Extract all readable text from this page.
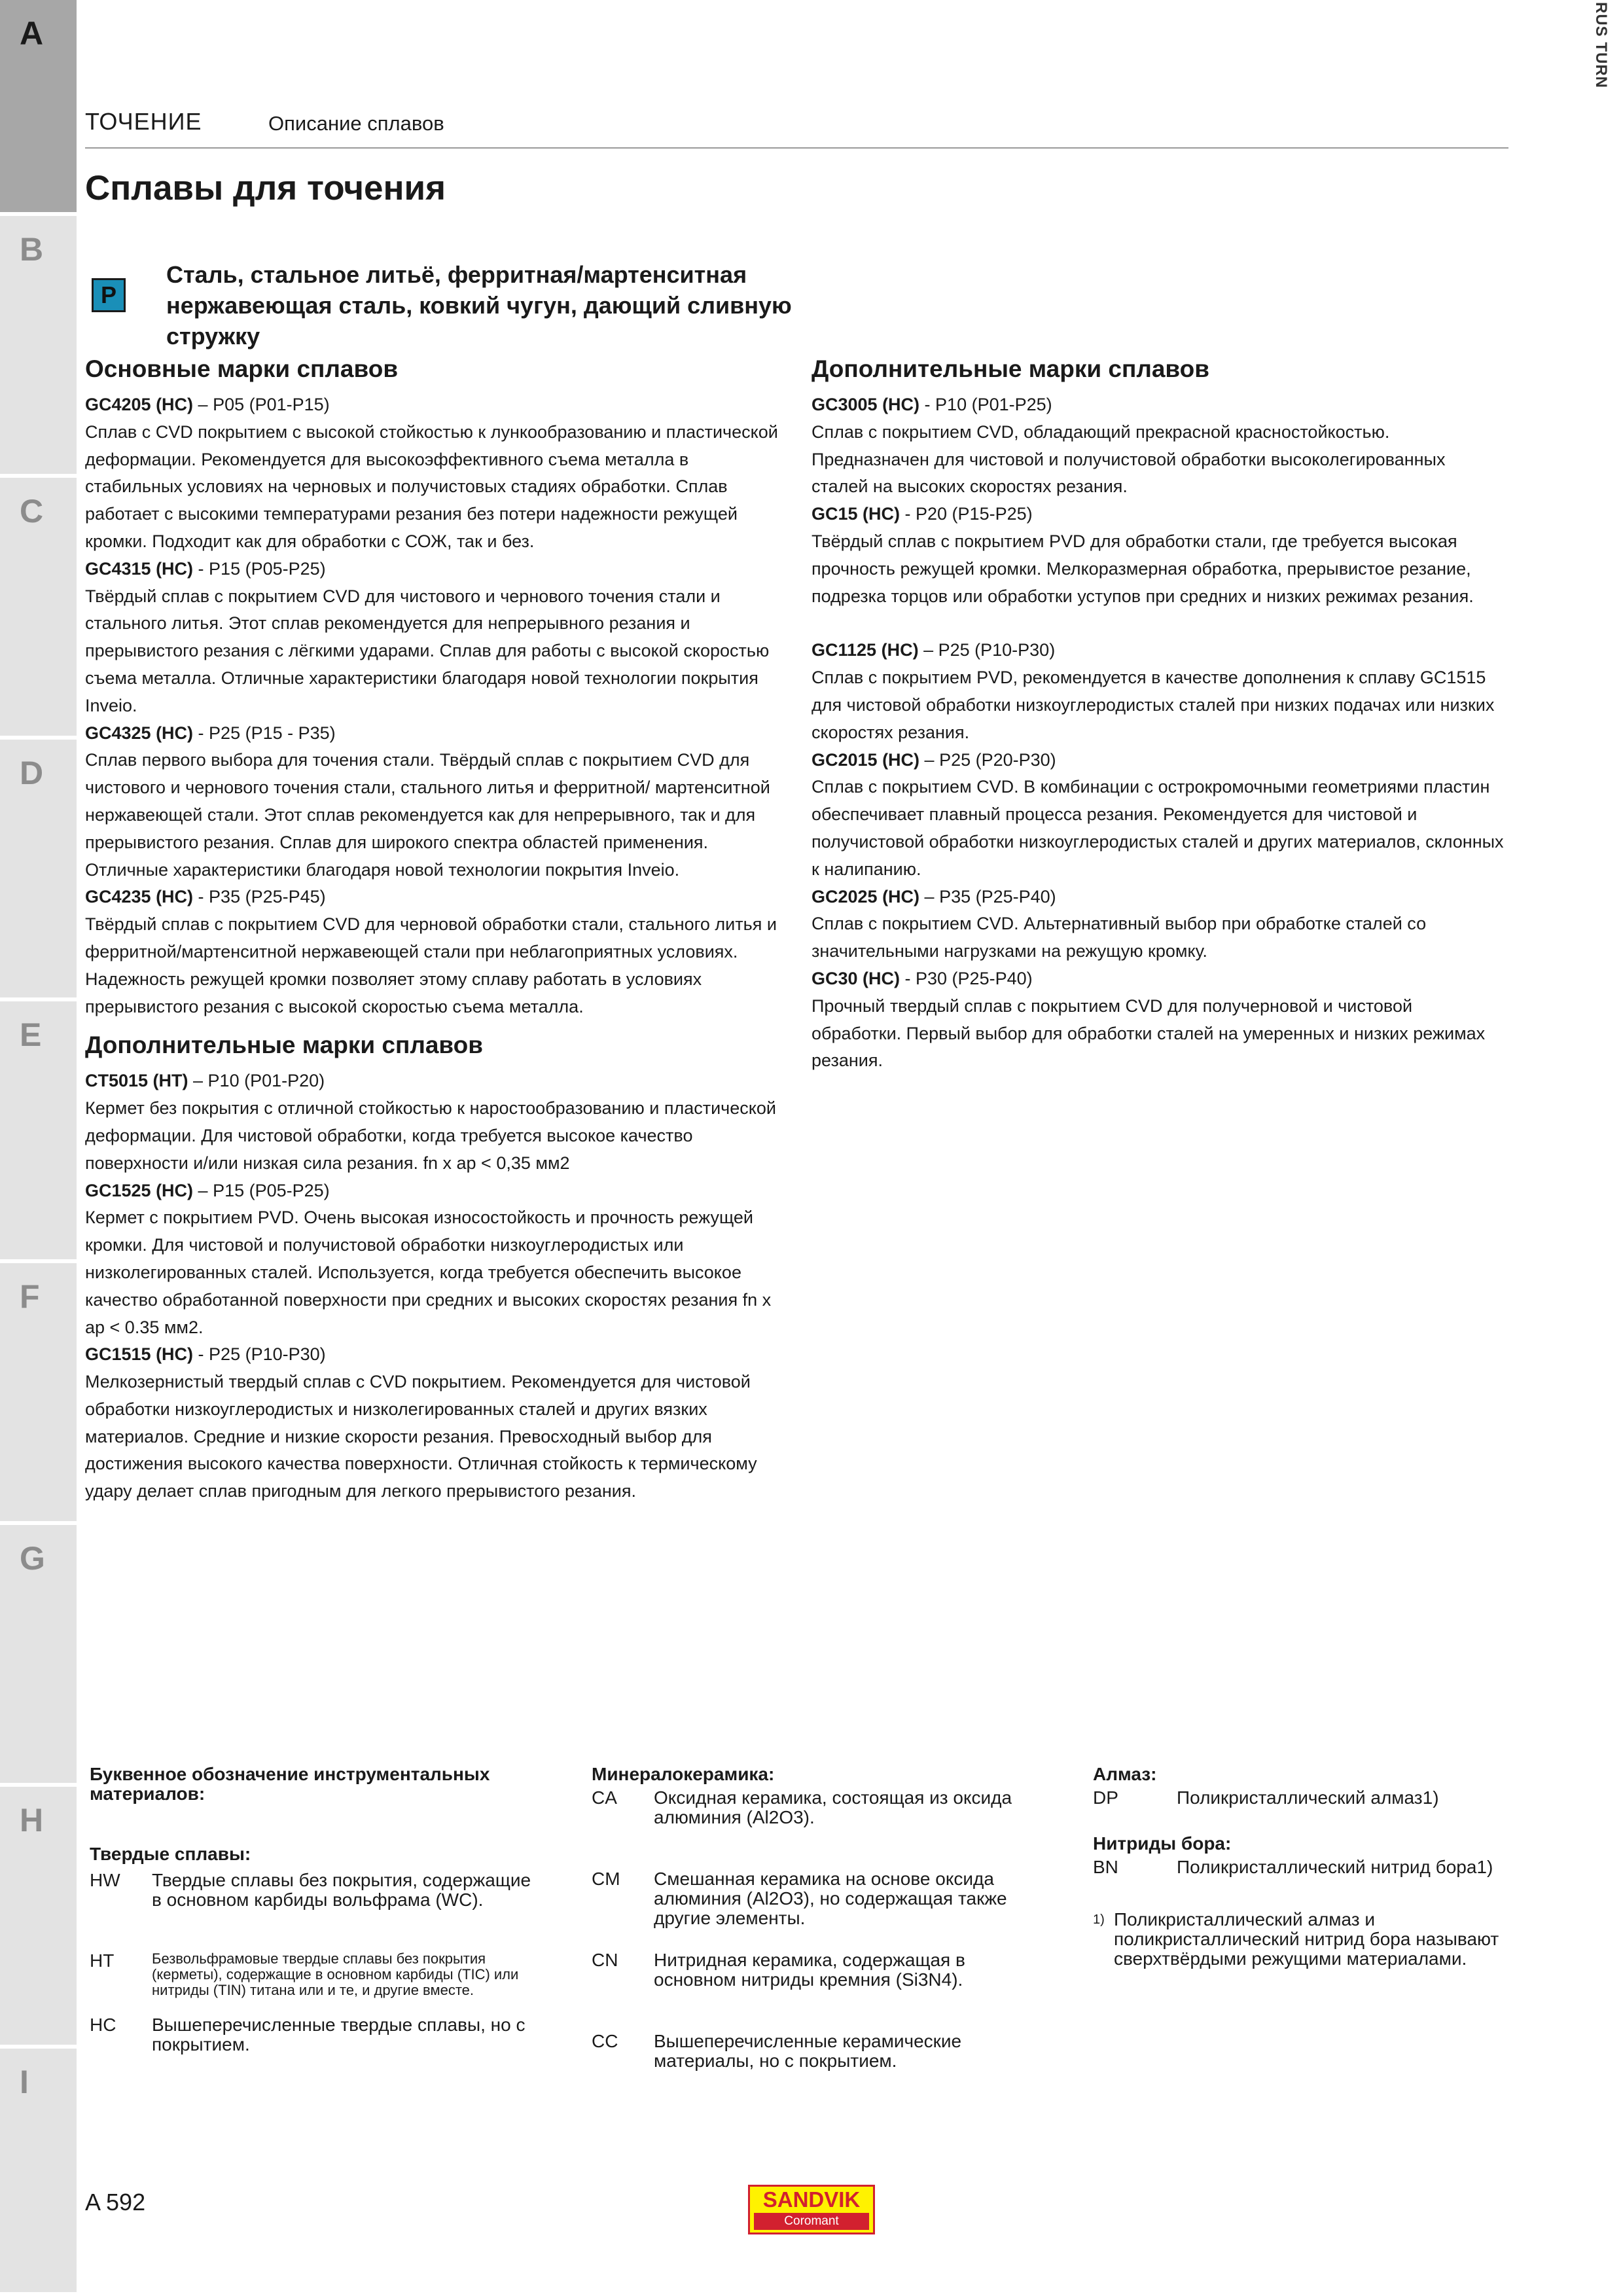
A
B
C
D
E
F
G
H
I
RUS TURN
ТОЧЕНИЕ	Описание сплавов
Сплавы для точения
P
Сталь, стальное литьё, ферритная/мартенситная нержавеющая сталь, ковкий чугун, дающий сливную стружку
Основные марки сплавов

GC4205 (HC) – P05 (P01-P15)

Сплав с CVD покрытием с высокой стойкостью к лункообразованию и пластической деформации. Рекомендуется для высокоэффективного съема металла в стабильных условиях на черновых и получистовых стадиях обработки. Сплав работает с высокими температурами резания без потери надежности режущей кромки. Подходит как для обработки с СОЖ, так и без.

GC4315 (HC) - P15 (P05-P25)

Твёрдый сплав с покрытием CVD для чистового и чернового точения стали и стального литья. Этот сплав рекомендуется для непрерывного резания и прерывистого резания с лёгкими ударами. Сплав для работы с высокой скоростью съема металла. Отличные характеристики благодаря новой технологии покрытия Inveio.

GC4325 (HC) - P25 (P15 - P35)

Сплав первого выбора для точения стали. Твёрдый сплав с покрытием CVD для чистового и чернового точения стали, стального литья и ферритной/ мартенситной нержавеющей стали. Этот сплав рекомендуется как для непрерывного, так и для прерывистого резания. Сплав для широкого спектра областей применения. Отличные характеристики благодаря новой технологии покрытия Inveio.

GC4235 (HC) - P35 (P25-P45)

Твёрдый сплав с покрытием CVD для черновой обработки стали, стального литья и ферритной/мартенситной нержавеющей стали при неблагоприятных условиях. Надежность режущей кромки позволяет этому сплаву работать в условиях прерывистого резания с высокой скоростью съема металла.

Дополнительные марки сплавов

CT5015 (HT) – P10 (P01-P20)

Кермет без покрытия с отличной стойкостью к наростообразованию и пластической деформации. Для чистовой обработки, когда требуется высокое качество поверхности и/или низкая сила резания. fn x ap < 0,35 мм2

GC1525 (HC) – P15 (P05-P25)

Кермет с покрытием PVD. Очень высокая износостойкость и прочность режущей кромки. Для чистовой и получистовой обработки низкоуглеродистых или низколегированных сталей. Используется, когда требуется обеспечить высокое качество обработанной поверхности при средних и высоких скоростях резания fn x ap < 0.35 мм2.

GC1515 (HC) - P25 (P10-P30)

Мелкозернистый твердый сплав с CVD покрытием. Рекомендуется для чистовой обработки низкоуглеродистых и низколегированных сталей и других вязких материалов. Средние и низкие скорости резания. Превосходный выбор для достижения высокого качества поверхности. Отличная стойкость к термическому удару делает сплав пригодным для легкого прерывистого резания.

Дополнительные марки сплавов

GC3005 (HC) - P10 (P01-P25)

Сплав с покрытием CVD, обладающий прекрасной красностойкостью. Предназначен для чистовой и получистовой обработки высоколегированных сталей на высоких скоростях резания.

GC15 (HC) - P20 (P15-P25)

Твёрдый сплав с покрытием PVD для обработки стали, где требуется высокая прочность режущей кромки. Мелкоразмерная обработка, прерывистое резание, подрезка торцов или обработки уступов при средних и низких режимах резания.

GC1125 (HC) – P25 (P10-P30)

Сплав с покрытием PVD, рекомендуется в качестве дополнения к сплаву GC1515 для чистовой обработки низкоуглеродистых сталей при низких подачах или низких скоростях резания.

GC2015 (HC) – P25 (P20-P30)

Сплав с покрытием CVD. В комбинации с острокромочными геометриями пластин обеспечивает плавный процесса резания. Рекомендуется для чистовой и получистовой обработки низкоуглеродистых сталей и других материалов, склонных к налипанию.

GC2025 (HC) – P35 (P25-P40)

Сплав с покрытием CVD. Альтернативный выбор при обработке сталей со значительными нагрузками на режущую кромку.

GC30 (HC) - P30 (P25-P40)

Прочный твердый сплав с покрытием CVD для получерновой и чистовой обработки. Первый выбор для обработки сталей на умеренных и низких режимах резания.

Буквенное обозначение инструментальных материалов:
Твердые сплавы:
HW Твердые сплавы без покрытия, содержащие в основном карбиды вольфрама (WC).
HT	Безвольфрамовые твердые сплавы без покрытия (керметы), содержащие в основном карбиды (TIC) или нитриды (TIN) титана или и те, и другие вместе.
HC Вышеперечисленные твердые сплавы, но с покрытием.
Минералокерамика:
CA Оксидная керамика, состоящая из оксида алюминия (Al2O3).
CM Смешанная керамика на основе оксида алюминия (Al2O3), но содержащая также другие элементы.
CN Нитридная керамика, содержащая в основном нитриды кремния (Si3N4).
CC Вышеперечисленные керамические материалы, но с покрытием.
Алмаз:
DP	Поликристаллический алмаз1)
Нитриды бора:
BN	Поликристаллический нитрид бора1)
1) Поликристаллический алмаз и поликристаллический нитрид бора называют сверхтвёрдыми режущими материалами.
A 592	SANDVIK
Coromant
